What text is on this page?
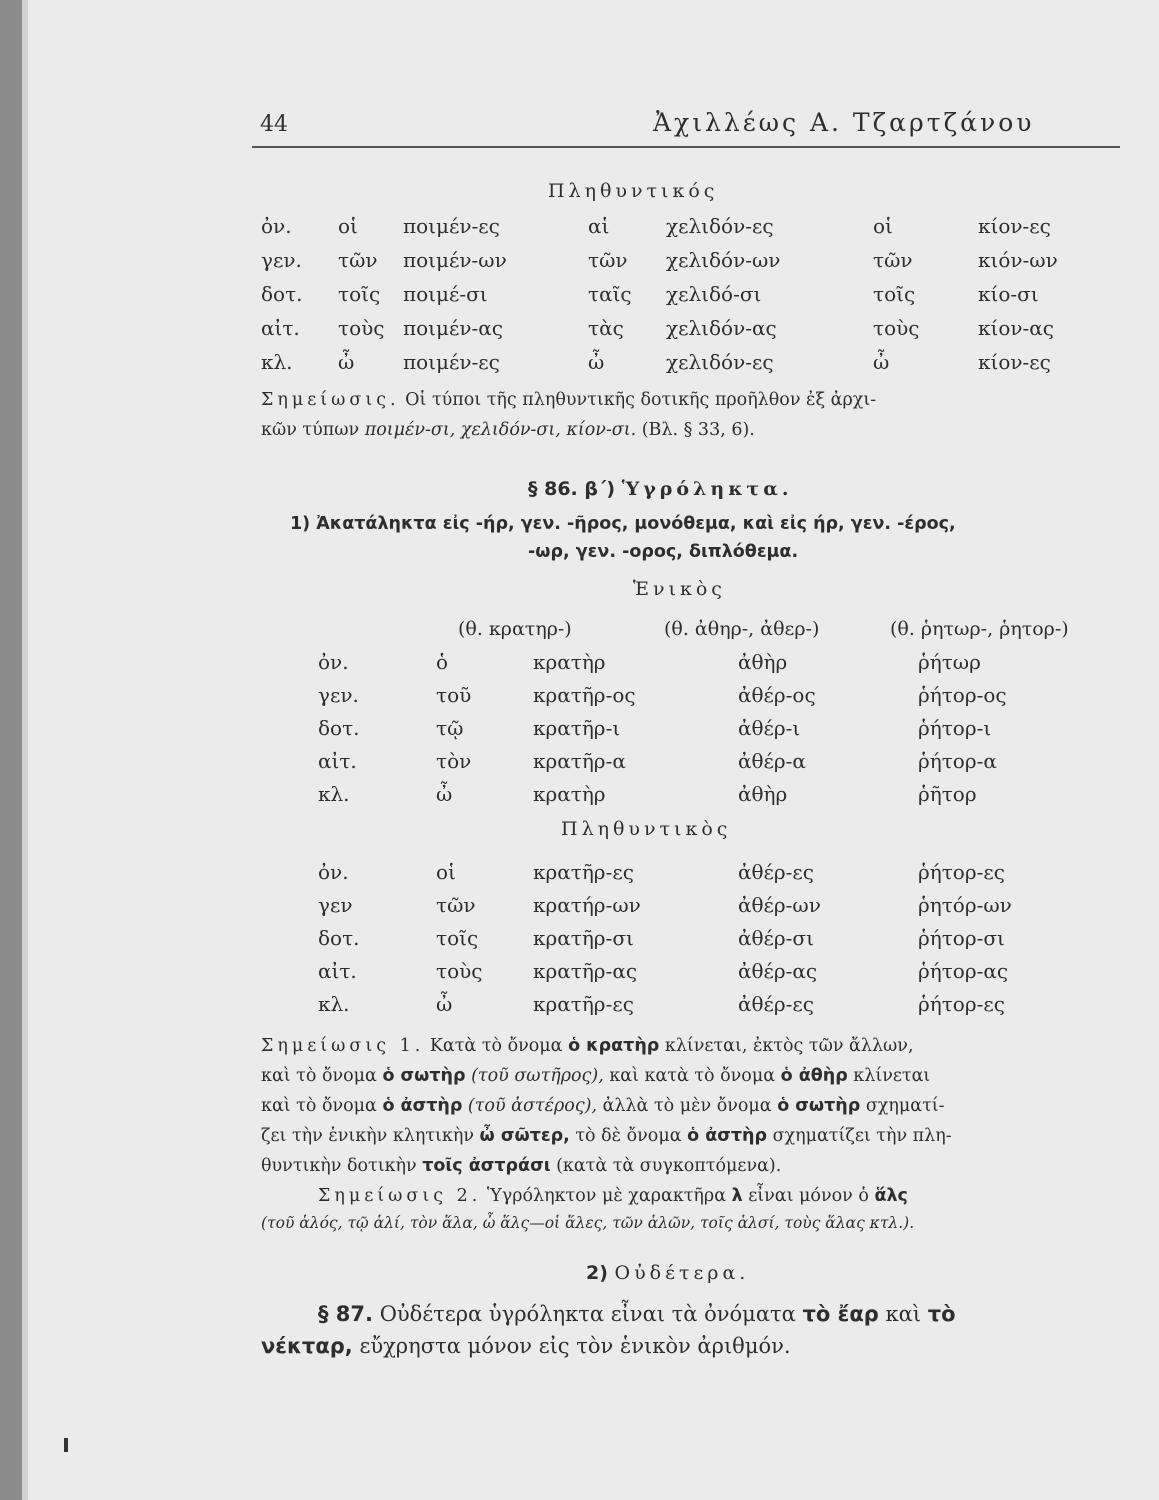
44	Ἀχιλλέως Α. Τζαρτζάνου
Πληθυντικός
ὀν. οἱ ποιμέν-ες	αἱ	χελιδόν-ες	οἱ	κίον-ες
γεν. τῶν ποιμέν-ων	τῶν χελιδόν-ων	τῶν	κιόν-ων
δοτ. τοῖς ποιμέ-σι	ταῖς χελιδό-σι	τοῖς	κίο-σι
αἰτ. τοὺς ποιμέν-ας	τὰς χελιδόν-ας	τοὺς	κίον-ας
κλ. ὦ ποιμέν-ες	ὦ	χελιδόν-ες	ὦ	κίον-ες
Σημείωσις. Οἱ τύποι τῆς πληθυντικῆς δοτικῆς προῆλθον ἐξ ἀρχι-
κῶν τύπων ποιμέν-σι, χελιδόν-σι, κίον-σι. (Βλ. § 33, 6).
§ 86. β΄) Ὑγρόληκτα.
1) Ἀκατάληκτα εἰς -ήρ, γεν. -ῆρος, μονόθεμα, καὶ εἰς ήρ, γεν. -έρος,
-ωρ, γεν. -ορος, διπλόθεμα.
Ἑνικὸς
(θ. κρατηρ-)	(θ. ἀθηρ-, ἀθερ-)	(θ. ῥητωρ-, ῥητορ-)
ὀν.	ὁ	κρατὴρ	ἀθὴρ	ῥήτωρ
γεν.	τοῦ	κρατῆρ-ος	ἀθέρ-ος	ῥήτορ-ος
δοτ.	τῷ	κρατῆρ-ι	ἀθέρ-ι	ῥήτορ-ι
αἰτ.	τὸν	κρατῆρ-α	ἀθέρ-α	ῥήτορ-α
κλ.	ὦ	κρατὴρ	ἀθὴρ	ῥῆτορ
Πληθυντικὸς
ὀν.	οἱ	κρατῆρ-ες	ἀθέρ-ες	ῥήτορ-ες
γεν	τῶν	κρατήρ-ων	ἀθέρ-ων	ῥητόρ-ων
δοτ.	τοῖς	κρατῆρ-σι	ἀθέρ-σι	ῥήτορ-σι
αἰτ.	τοὺς	κρατῆρ-ας	ἀθέρ-ας	ῥήτορ-ας
κλ.	ὦ	κρατῆρ-ες	ἀθέρ-ες	ῥήτορ-ες
Σημείωσις 1. Κατὰ τὸ ὄνομα ὁ κρατὴρ κλίνεται, ἐκτὸς τῶν ἄλλων,
καὶ τὸ ὄνομα ὁ σωτὴρ (τοῦ σωτῆρος), καὶ κατὰ τὸ ὄνομα ὁ ἀθὴρ κλίνεται
καὶ τὸ ὄνομα ὁ ἀστὴρ (τοῦ ἀστέρος), ἀλλὰ τὸ μὲν ὄνομα ὁ σωτὴρ σχηματί-
ζει τὴν ἑνικὴν κλητικὴν ὦ σῶτερ, τὸ δὲ ὄνομα ὁ ἀστὴρ σχηματίζει τὴν πλη-
θυντικὴν δοτικὴν τοῖς ἀστράσι (κατὰ τὰ συγκοπτόμενα).
Σημείωσις 2. Ὑγρόληκτον μὲ χαρακτῆρα λ εἶναι μόνον ὁ ἅλς
(τοῦ ἁλός, τῷ ἁλί, τὸν ἅλα, ὦ ἅλς—οἱ ἅλες, τῶν ἁλῶν, τοῖς ἁλσί, τοὺς ἅλας κτλ.).
2) Οὐδέτερα.
§ 87. Οὐδέτερα ὑγρόληκτα εἶναι τὰ ὀνόματα τὸ ἔαρ καὶ τὸ
νέκταρ, εὔχρηστα μόνον εἰς τὸν ἑνικὸν ἀριθμόν.
